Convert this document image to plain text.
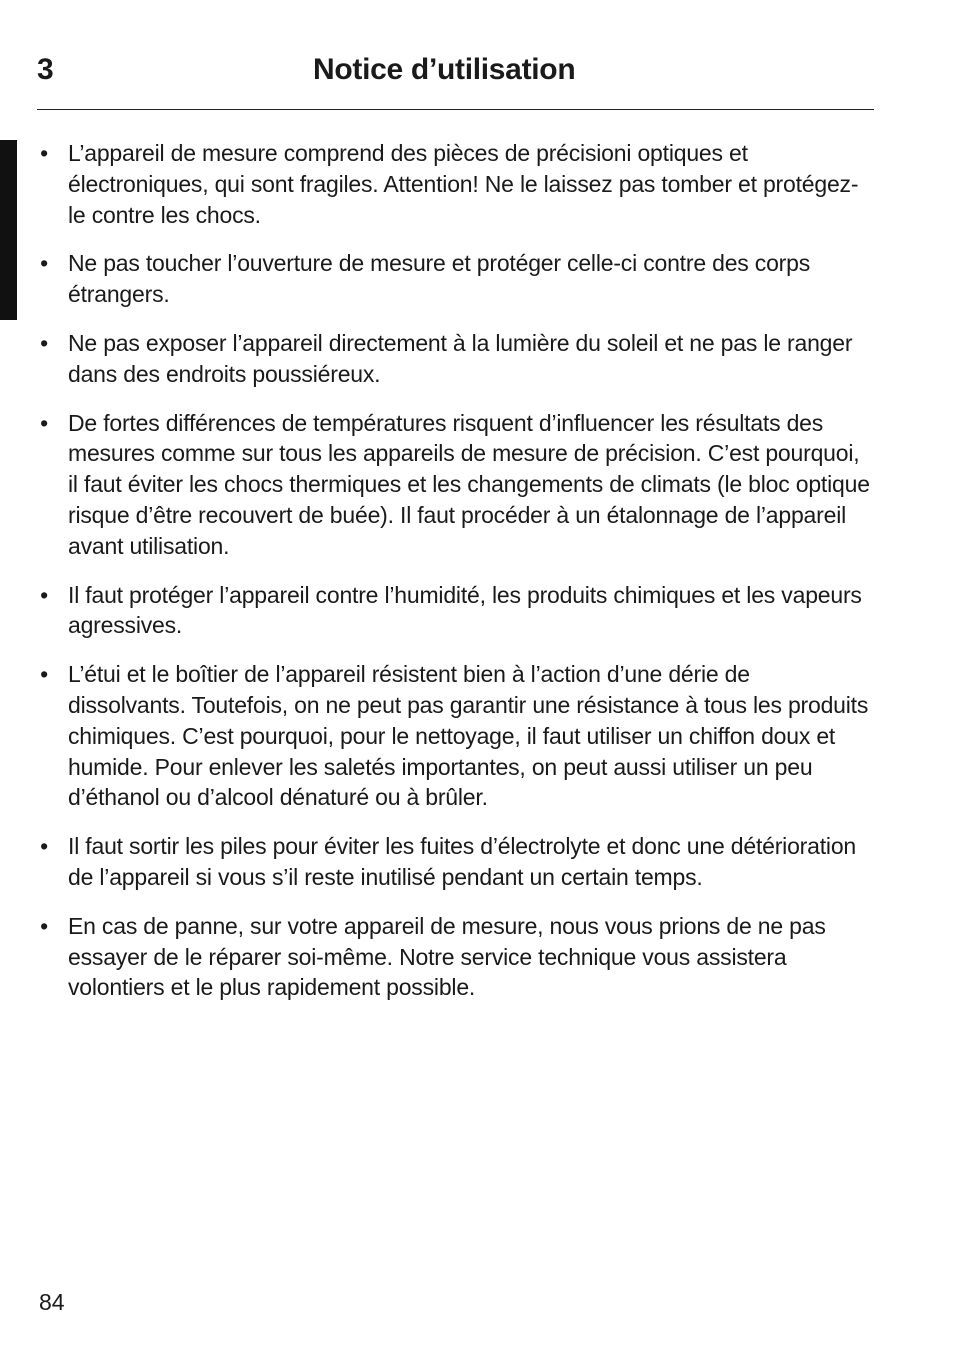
3	Notice d’utilisation
• L’appareil de mesure comprend des pièces de précisioni optiques et électroniques, qui sont fragiles. Attention! Ne le laissez pas tomber et protégez-le contre les chocs.
• Ne pas toucher l’ouverture de mesure et protéger celle-ci contre des corps étrangers.
• Ne pas exposer l’appareil directement à la lumière du soleil et ne pas le ranger dans des endroits poussiéreux.
• De fortes différences de températures risquent d’influencer les résultats des mesures comme sur tous les appareils de mesure de précision. C’est pourquoi, il faut éviter les chocs thermiques et les changements de climats (le bloc optique risque d’être recouvert de buée). Il faut procéder à un étalonnage de l’appareil avant utilisation.
• Il faut protéger l’appareil contre l’humidité, les produits chimiques et les vapeurs agressives.
• L’étui et le boîtier de l’appareil résistent bien à l’action d’une dérie de dissolvants. Toutefois, on ne peut pas garantir une résistance à tous les produits chimiques. C’est pourquoi, pour le nettoyage, il faut utiliser un chiffon doux et humide. Pour enlever les saletés importantes, on peut aussi utiliser un peu d’éthanol ou d’alcool dénaturé ou à brûler.
• Il faut sortir les piles pour éviter les fuites d’électrolyte et donc une détérioration de l’appareil si vous s’il reste inutilisé pendant un certain temps.
• En cas de panne, sur votre appareil de mesure, nous vous prions de ne pas essayer de le réparer soi-même. Notre service technique vous assistera volontiers et le plus rapidement possible.
84
